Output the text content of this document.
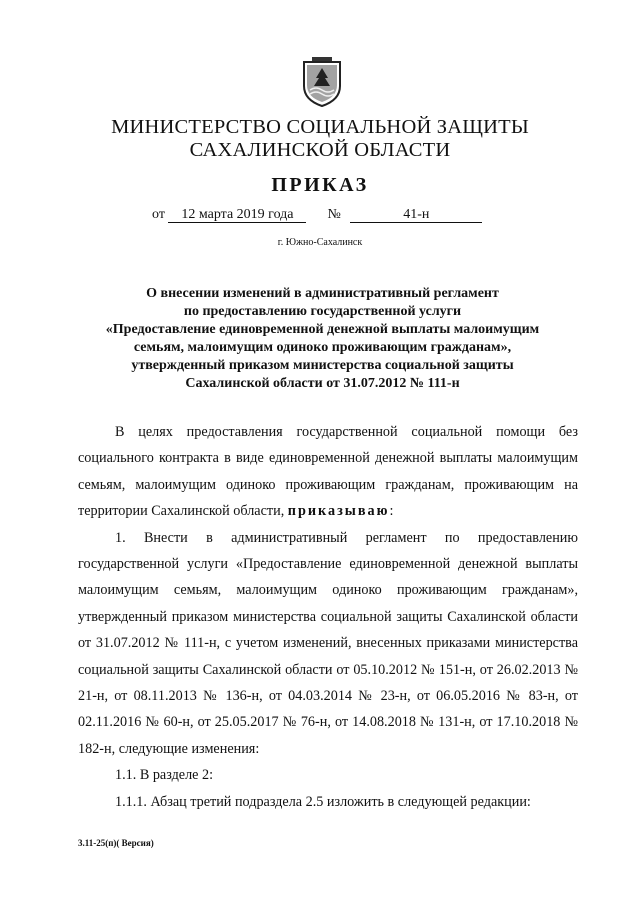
МИНИСТЕРСТВО СОЦИАЛЬНОЙ ЗАЩИТЫ
САХАЛИНСКОЙ ОБЛАСТИ
ПРИКАЗ
от 12 марта 2019 года №	41-н
г. Южно-Сахалинск
О внесении изменений в административный регламент
по предоставлению государственной услуги
«Предоставление единовременной денежной выплаты малоимущим
семьям, малоимущим одиноко проживающим гражданам»,
утвержденный приказом министерства социальной защиты
Сахалинской области от 31.07.2012 № 111-н

В целях предоставления государственной социальной помощи без социального контракта в виде единовременной денежной выплаты малоимущим семьям, малоимущим одиноко проживающим гражданам, проживающим на территории Сахалинской области, приказываю:

1. Внести в административный регламент по предоставлению государственной услуги «Предоставление единовременной денежной выплаты малоимущим семьям, малоимущим одиноко проживающим гражданам», утвержденный приказом министерства социальной защиты Сахалинской области от 31.07.2012 № 111-н, с учетом изменений, внесенных приказами министерства социальной защиты Сахалинской области от 05.10.2012 № 151-н, от 26.02.2013 № 21-н, от 08.11.2013 № 136-н, от 04.03.2014 № 23-н, от 06.05.2016 № 83-н, от 02.11.2016 № 60-н, от 25.05.2017 № 76-н, от 14.08.2018 № 131-н, от 17.10.2018 № 182-н, следующие изменения:

1.1. В разделе 2:

1.1.1. Абзац третий подраздела 2.5 изложить в следующей редакции:

3.11-25(п)( Версия)
